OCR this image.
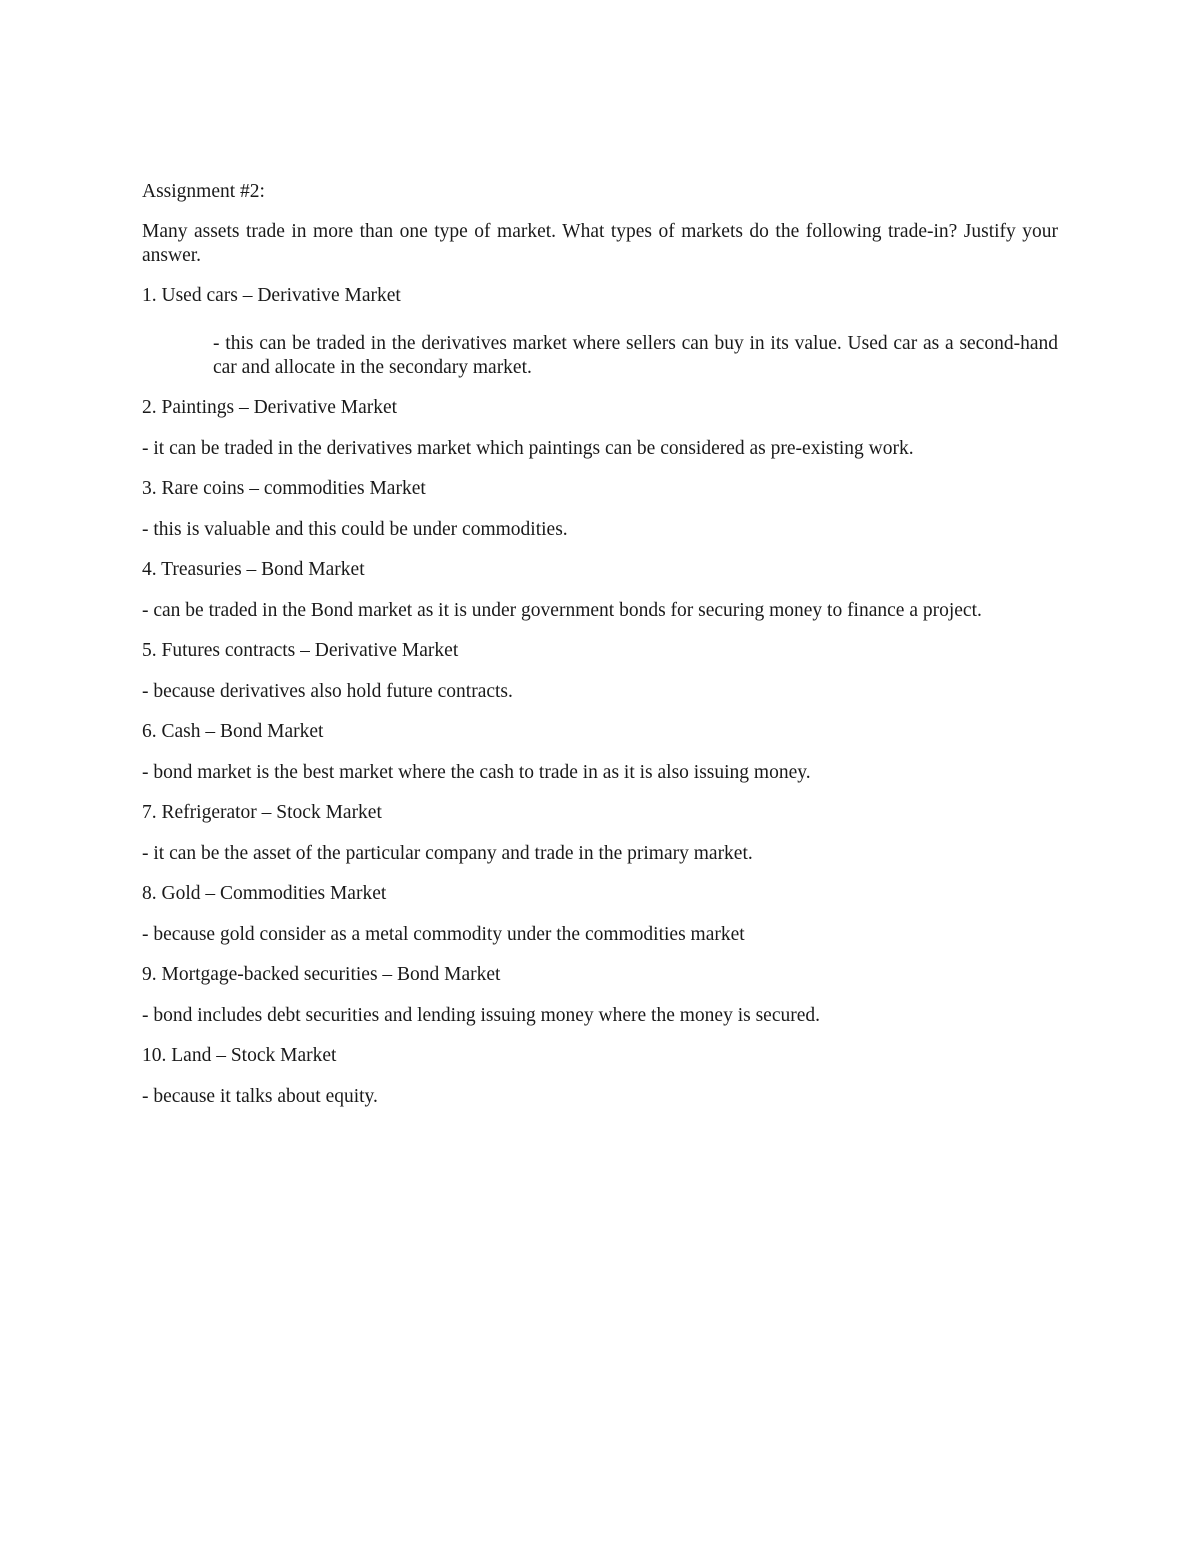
Assignment #2:

Many assets trade in more than one type of market. What types of markets do the following trade-in? Justify your answer.

1. Used cars – Derivative Market

- this can be traded in the derivatives market where sellers can buy in its value. Used car as a second-hand car and allocate in the secondary market.

2. Paintings – Derivative Market

- it can be traded in the derivatives market which paintings can be considered as pre-existing work.

3. Rare coins – commodities Market

- this is valuable and this could be under commodities.

4. Treasuries – Bond Market

- can be traded in the Bond market as it is under government bonds for securing money to finance a project.

5. Futures contracts – Derivative Market

- because derivatives also hold future contracts.

6. Cash – Bond Market

- bond market is the best market where the cash to trade in as it is also issuing money.

7. Refrigerator – Stock Market

- it can be the asset of the particular company and trade in the primary market.

8. Gold – Commodities Market

- because gold consider as a metal commodity under the commodities market

9. Mortgage-backed securities – Bond Market

- bond includes debt securities and lending issuing money where the money is secured.

10. Land – Stock Market

- because it talks about equity.
